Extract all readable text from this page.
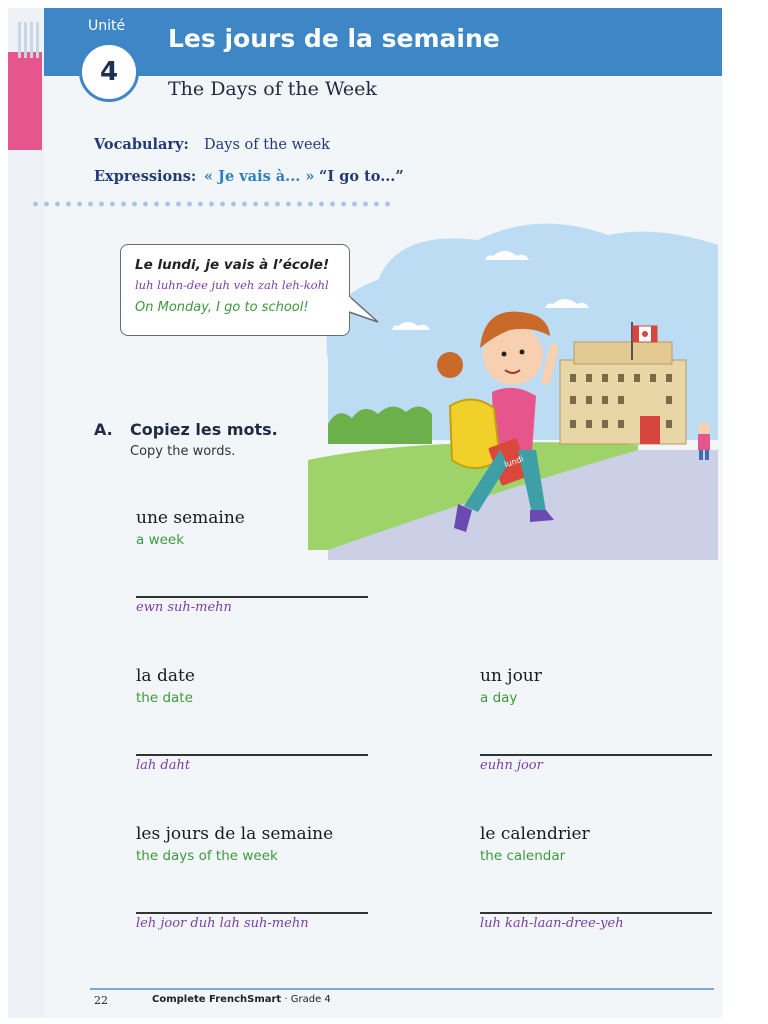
Unité
4
Les jours de la semaine
The Days of the Week
Vocabulary: Days of the week
Expressions: « Je vais à... » “I go to...”
lundi
Le lundi, je vais à l’école!
luh luhn-dee juh veh zah leh-kohl
On Monday, I go to school!
A. Copiez les mots.
Copy the words.
une semaine
a week
ewn suh-mehn
la date
the date
lah daht
un jour
a day
euhn joor
les jours de la semaine
the days of the week
leh joor duh lah suh-mehn
le calendrier
the calendar
luh kah-laan-dree-yeh
22	Complete FrenchSmart · Grade 4
